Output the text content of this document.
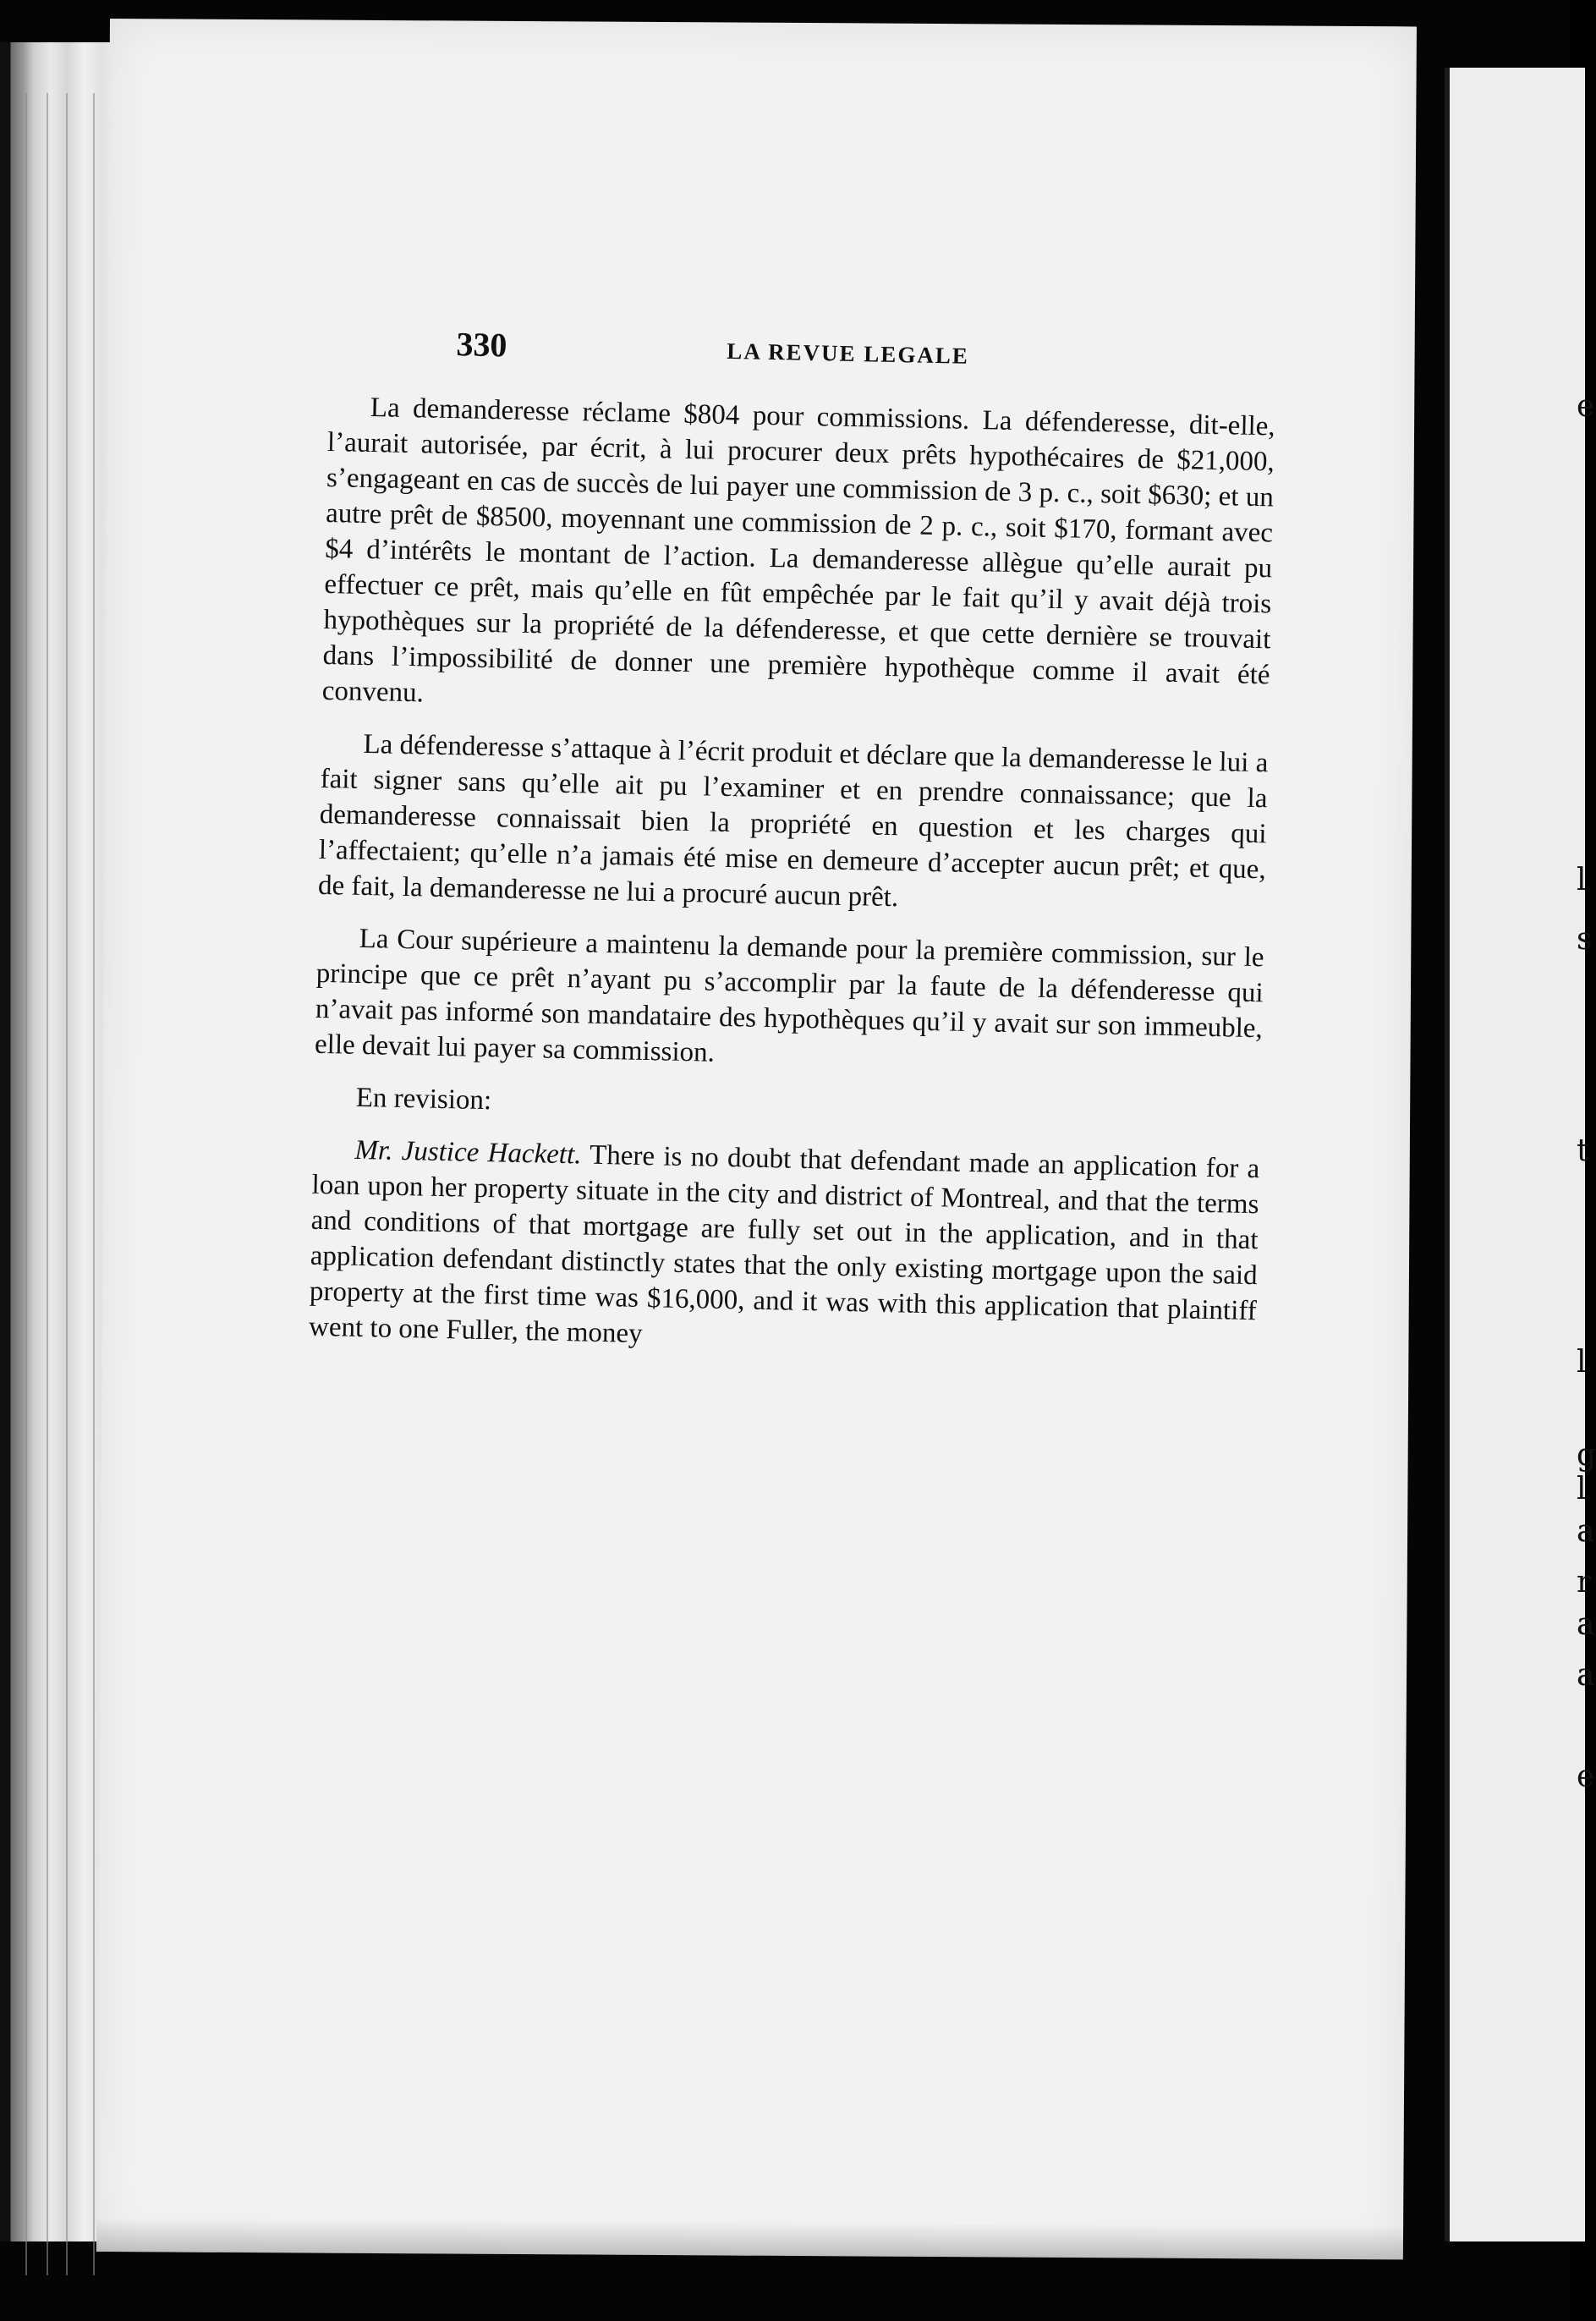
e
l
s
t
l
g
l
a
r
a
a
e
330	LA REVUE LEGALE

La demanderesse réclame $804 pour commissions. La défenderesse, dit-elle, l’aurait autorisée, par écrit, à lui procurer deux prêts hypothécaires de $21,000, s’engageant en cas de succès de lui payer une commission de 3 p. c., soit $630; et un autre prêt de $8500, moyennant une commission de 2 p. c., soit $170, formant avec $4 d’intérêts le montant de l’action. La demanderesse allègue qu’elle aurait pu effectuer ce prêt, mais qu’elle en fût empêchée par le fait qu’il y avait déjà trois hypothèques sur la propriété de la défenderesse, et que cette dernière se trouvait dans l’impossibilité de donner une première hypothèque comme il avait été convenu.

La défenderesse s’attaque à l’écrit produit et déclare que la demanderesse le lui a fait signer sans qu’elle ait pu l’examiner et en prendre connaissance; que la demanderesse connaissait bien la propriété en question et les charges qui l’affectaient; qu’elle n’a jamais été mise en demeure d’accepter aucun prêt; et que, de fait, la demanderesse ne lui a procuré aucun prêt.

La Cour supérieure a maintenu la demande pour la première commission, sur le principe que ce prêt n’ayant pu s’accomplir par la faute de la défenderesse qui n’avait pas informé son mandataire des hypothèques qu’il y avait sur son immeuble, elle devait lui payer sa commission.

En revision:

Mr. Justice Hackett. There is no doubt that defendant made an application for a loan upon her property situate in the city and district of Montreal, and that the terms and conditions of that mortgage are fully set out in the application, and in that application defendant distinctly states that the only existing mortgage upon the said property at the first time was $16,000, and it was with this application that plaintiff went to one Fuller, the money
